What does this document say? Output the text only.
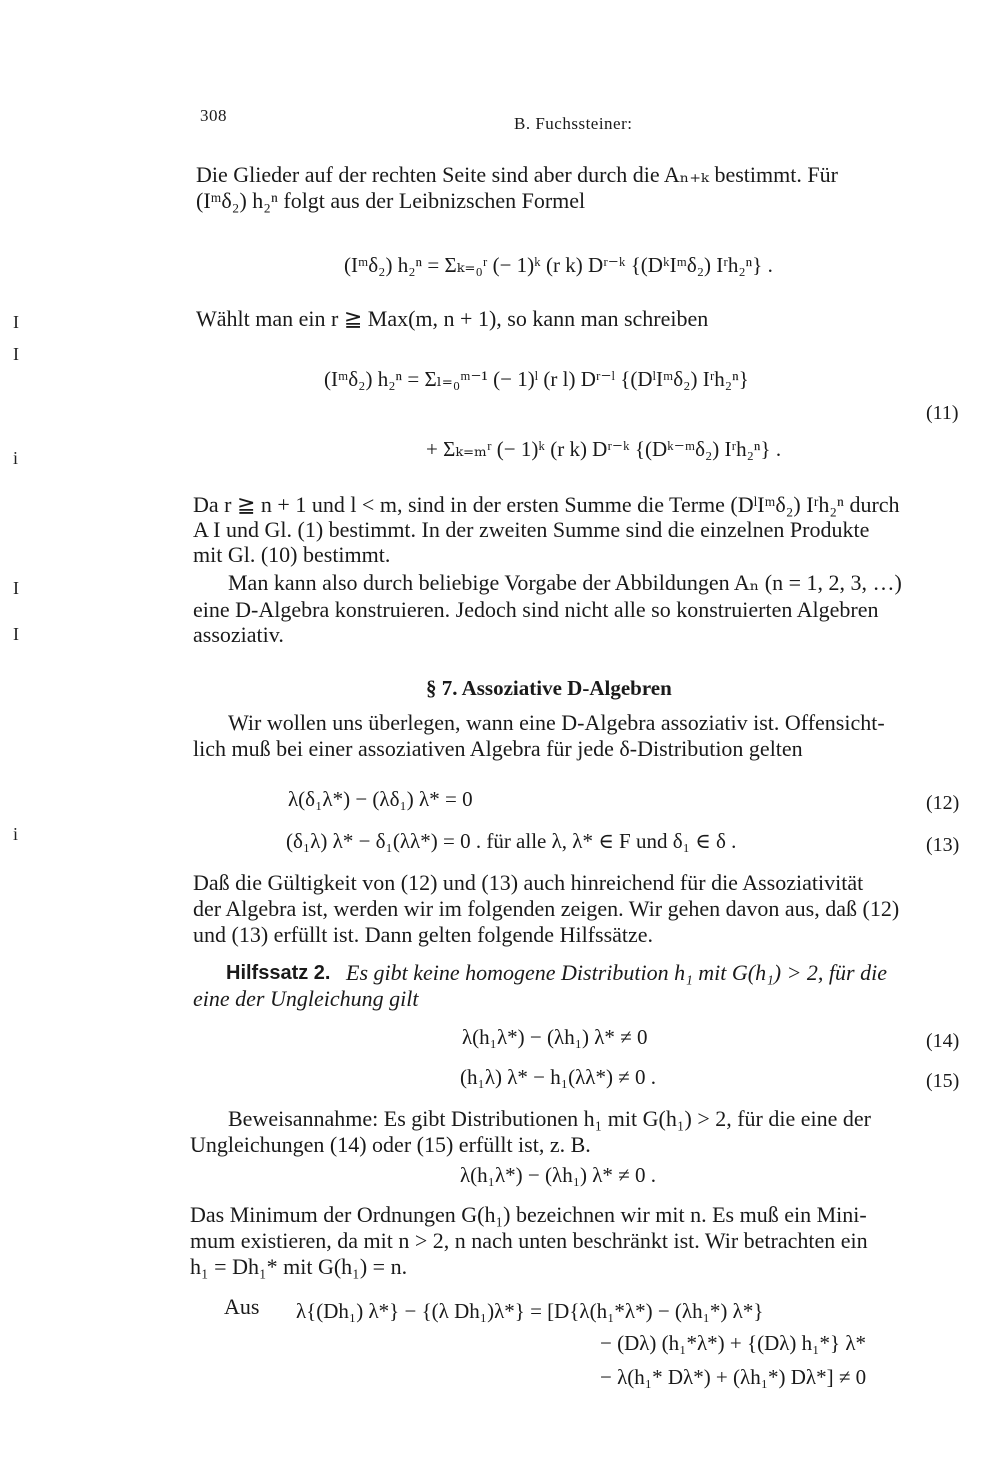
308	B. Fuchssteiner:
I
I
i
I
I
i
Die Glieder auf der rechten Seite sind aber durch die Aₙ₊ₖ bestimmt. Für
(Iᵐδ₂) h₂ⁿ folgt aus der Leibnizschen Formel
(Iᵐδ₂) h₂ⁿ = Σₖ₌₀ʳ (− 1)ᵏ (r k) Dʳ⁻ᵏ {(DᵏIᵐδ₂) Iʳh₂ⁿ} .
Wählt man ein r ≧ Max(m, n + 1), so kann man schreiben
(Iᵐδ₂) h₂ⁿ = Σₗ₌₀ᵐ⁻¹ (− 1)ˡ (r l) Dʳ⁻ˡ {(DˡIᵐδ₂) Iʳh₂ⁿ}
+ Σₖ₌ₘʳ (− 1)ᵏ (r k) Dʳ⁻ᵏ {(Dᵏ⁻ᵐδ₂) Iʳh₂ⁿ} .
(11)
Da r ≧ n + 1 und l < m, sind in der ersten Summe die Terme (DˡIᵐδ₂) Iʳh₂ⁿ durch
A I und Gl. (1) bestimmt. In der zweiten Summe sind die einzelnen Produkte
mit Gl. (10) bestimmt.
Man kann also durch beliebige Vorgabe der Abbildungen Aₙ (n = 1, 2, 3, …)
eine D-Algebra konstruieren. Jedoch sind nicht alle so konstruierten Algebren
assoziativ.
§ 7. Assoziative D-Algebren
Wir wollen uns überlegen, wann eine D-Algebra assoziativ ist. Offensicht-
lich muß bei einer assoziativen Algebra für jede δ-Distribution gelten
λ(δ₁λ*) − (λδ₁) λ* = 0	(12)
(δ₁λ) λ* − δ₁(λλ*) = 0 . für alle λ, λ* ∈ F und δ₁ ∈ δ .	(13)
Daß die Gültigkeit von (12) und (13) auch hinreichend für die Assoziativität
der Algebra ist, werden wir im folgenden zeigen. Wir gehen davon aus, daß (12)
und (13) erfüllt ist. Dann gelten folgende Hilfssätze.
Hilfssatz 2. Es gibt keine homogene Distribution h₁ mit G(h₁) > 2, für die
eine der Ungleichung gilt
λ(h₁λ*) − (λh₁) λ* ≠ 0	(14)
(h₁λ) λ* − h₁(λλ*) ≠ 0 .	(15)
Beweisannahme: Es gibt Distributionen h₁ mit G(h₁) > 2, für die eine der
Ungleichungen (14) oder (15) erfüllt ist, z. B.
λ(h₁λ*) − (λh₁) λ* ≠ 0 .
Das Minimum der Ordnungen G(h₁) bezeichnen wir mit n. Es muß ein Mini-
mum existieren, da mit n > 2, n nach unten beschränkt ist. Wir betrachten ein
h₁ = Dh₁* mit G(h₁) = n.
Aus λ{(Dh₁) λ*} − {(λ Dh₁)λ*} = [D{λ(h₁*λ*) − (λh₁*) λ*}
− (Dλ) (h₁*λ*) + {(Dλ) h₁*} λ*
− λ(h₁* Dλ*) + (λh₁*) Dλ*] ≠ 0
